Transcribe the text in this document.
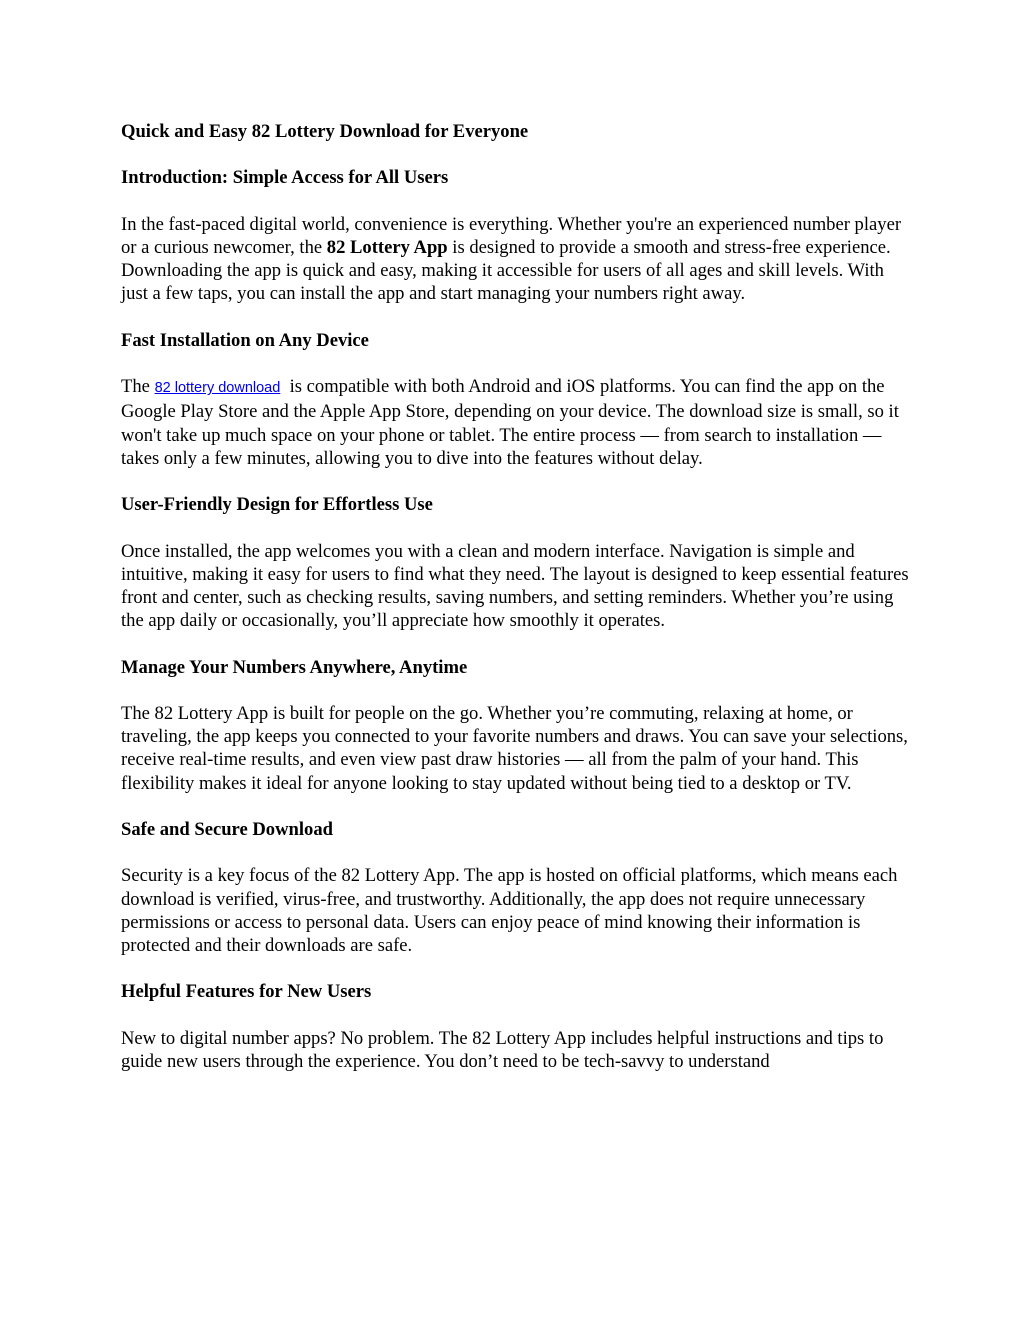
Quick and Easy 82 Lottery Download for Everyone

Introduction: Simple Access for All Users

In the fast-paced digital world, convenience is everything. Whether you're an experienced number player or a curious newcomer, the 82 Lottery App is designed to provide a smooth and stress-free experience. Downloading the app is quick and easy, making it accessible for users of all ages and skill levels. With just a few taps, you can install the app and start managing your numbers right away.

Fast Installation on Any Device

The 82 lottery download  is compatible with both Android and iOS platforms. You can find the app on the Google Play Store and the Apple App Store, depending on your device. The download size is small, so it won't take up much space on your phone or tablet. The entire process — from search to installation — takes only a few minutes, allowing you to dive into the features without delay.

User-Friendly Design for Effortless Use

Once installed, the app welcomes you with a clean and modern interface. Navigation is simple and intuitive, making it easy for users to find what they need. The layout is designed to keep essential features front and center, such as checking results, saving numbers, and setting reminders. Whether you’re using the app daily or occasionally, you’ll appreciate how smoothly it operates.

Manage Your Numbers Anywhere, Anytime

The 82 Lottery App is built for people on the go. Whether you’re commuting, relaxing at home, or traveling, the app keeps you connected to your favorite numbers and draws. You can save your selections, receive real-time results, and even view past draw histories — all from the palm of your hand. This flexibility makes it ideal for anyone looking to stay updated without being tied to a desktop or TV.

Safe and Secure Download

Security is a key focus of the 82 Lottery App. The app is hosted on official platforms, which means each download is verified, virus-free, and trustworthy. Additionally, the app does not require unnecessary permissions or access to personal data. Users can enjoy peace of mind knowing their information is protected and their downloads are safe.

Helpful Features for New Users

New to digital number apps? No problem. The 82 Lottery App includes helpful instructions and tips to guide new users through the experience. You don’t need to be tech-savvy to understand
